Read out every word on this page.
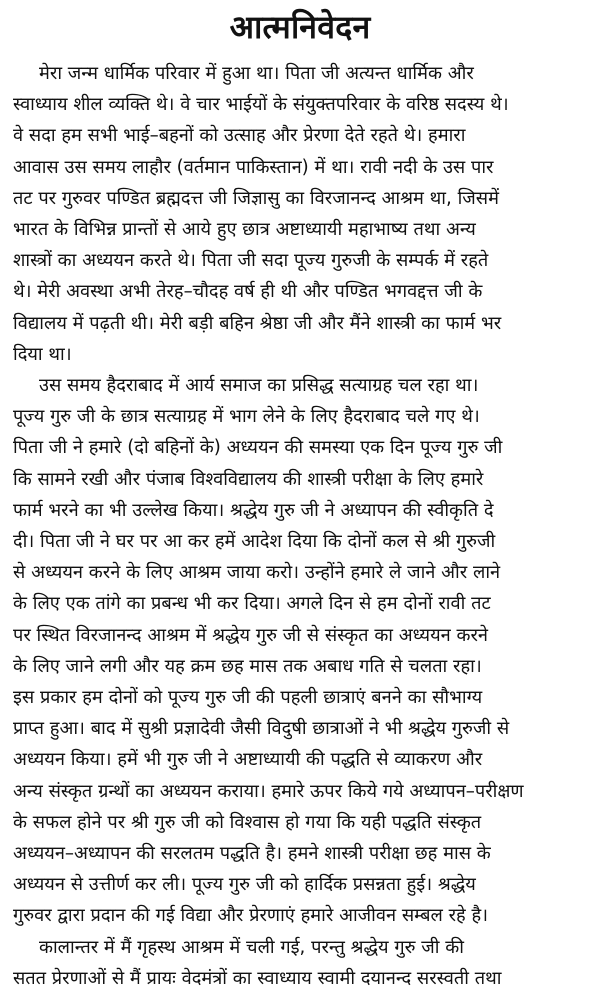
आत्मनिवेदन
मेरा जन्म धार्मिक परिवार में हुआ था। पिता जी अत्यन्त धार्मिक और
स्वाध्याय शील व्यक्ति थे। वे चार भाईयों के संयुक्तपरिवार के वरिष्ठ सदस्य थे।
वे सदा हम सभी भाई–बहनों को उत्साह और प्रेरणा देते रहते थे। हमारा
आवास उस समय लाहौर (वर्तमान पाकिस्तान) में था। रावी नदी के उस पार
तट पर गुरुवर पण्डित ब्रह्मदत्त जी जिज्ञासु का विरजानन्द आश्रम था, जिसमें
भारत के विभिन्न प्रान्तों से आये हुए छात्र अष्टाध्यायी महाभाष्य तथा अन्य
शास्त्रों का अध्ययन करते थे। पिता जी सदा पूज्य गुरुजी के सम्पर्क में रहते
थे। मेरी अवस्था अभी तेरह–चौदह वर्ष ही थी और पण्डित भगवद्दत्त जी के
विद्यालय में पढ़ती थी। मेरी बड़ी बहिन श्रेष्ठा जी और मैंने शास्त्री का फार्म भर
दिया था।
उस समय हैदराबाद में आर्य समाज का प्रसिद्ध सत्याग्रह चल रहा था।
पूज्य गुरु जी के छात्र सत्याग्रह में भाग लेने के लिए हैदराबाद चले गए थे।
पिता जी ने हमारे (दो बहिनों के) अध्ययन की समस्या एक दिन पूज्य गुरु जी
कि सामने रखी और पंजाब विश्वविद्यालय की शास्त्री परीक्षा के लिए हमारे
फार्म भरने का भी उल्लेख किया। श्रद्धेय गुरु जी ने अध्यापन की स्वीकृति दे
दी। पिता जी ने घर पर आ कर हमें आदेश दिया कि दोनों कल से श्री गुरुजी
से अध्ययन करने के लिए आश्रम जाया करो। उन्होंने हमारे ले जाने और लाने
के लिए एक तांगे का प्रबन्ध भी कर दिया। अगले दिन से हम दोनों रावी तट
पर स्थित विरजानन्द आश्रम में श्रद्धेय गुरु जी से संस्कृत का अध्ययन करने
के लिए जाने लगी और यह क्रम छह मास तक अबाध गति से चलता रहा।
इस प्रकार हम दोनों को पूज्य गुरु जी की पहली छात्राएं बनने का सौभाग्य
प्राप्त हुआ। बाद में सुश्री प्रज्ञादेवी जैसी विदुषी छात्राओं ने भी श्रद्धेय गुरुजी से
अध्ययन किया। हमें भी गुरु जी ने अष्टाध्यायी की पद्धति से व्याकरण और
अन्य संस्कृत ग्रन्थों का अध्ययन कराया। हमारे ऊपर किये गये अध्यापन–परीक्षण
के सफल होने पर श्री गुरु जी को विश्वास हो गया कि यही पद्धति संस्कृत
अध्ययन–अध्यापन की सरलतम पद्धति है। हमने शास्त्री परीक्षा छह मास के
अध्ययन से उत्तीर्ण कर ली। पूज्य गुरु जी को हार्दिक प्रसन्नता हुई। श्रद्धेय
गुरुवर द्वारा प्रदान की गई विद्या और प्रेरणाएं हमारे आजीवन सम्बल रहे है।
कालान्तर में मैं गृहस्थ आश्रम में चली गई, परन्तु श्रद्धेय गुरु जी की
सतत प्रेरणाओं से मैं प्रायः वेदमंत्रों का स्वाध्याय स्वामी दयानन्द सरस्वती तथा
